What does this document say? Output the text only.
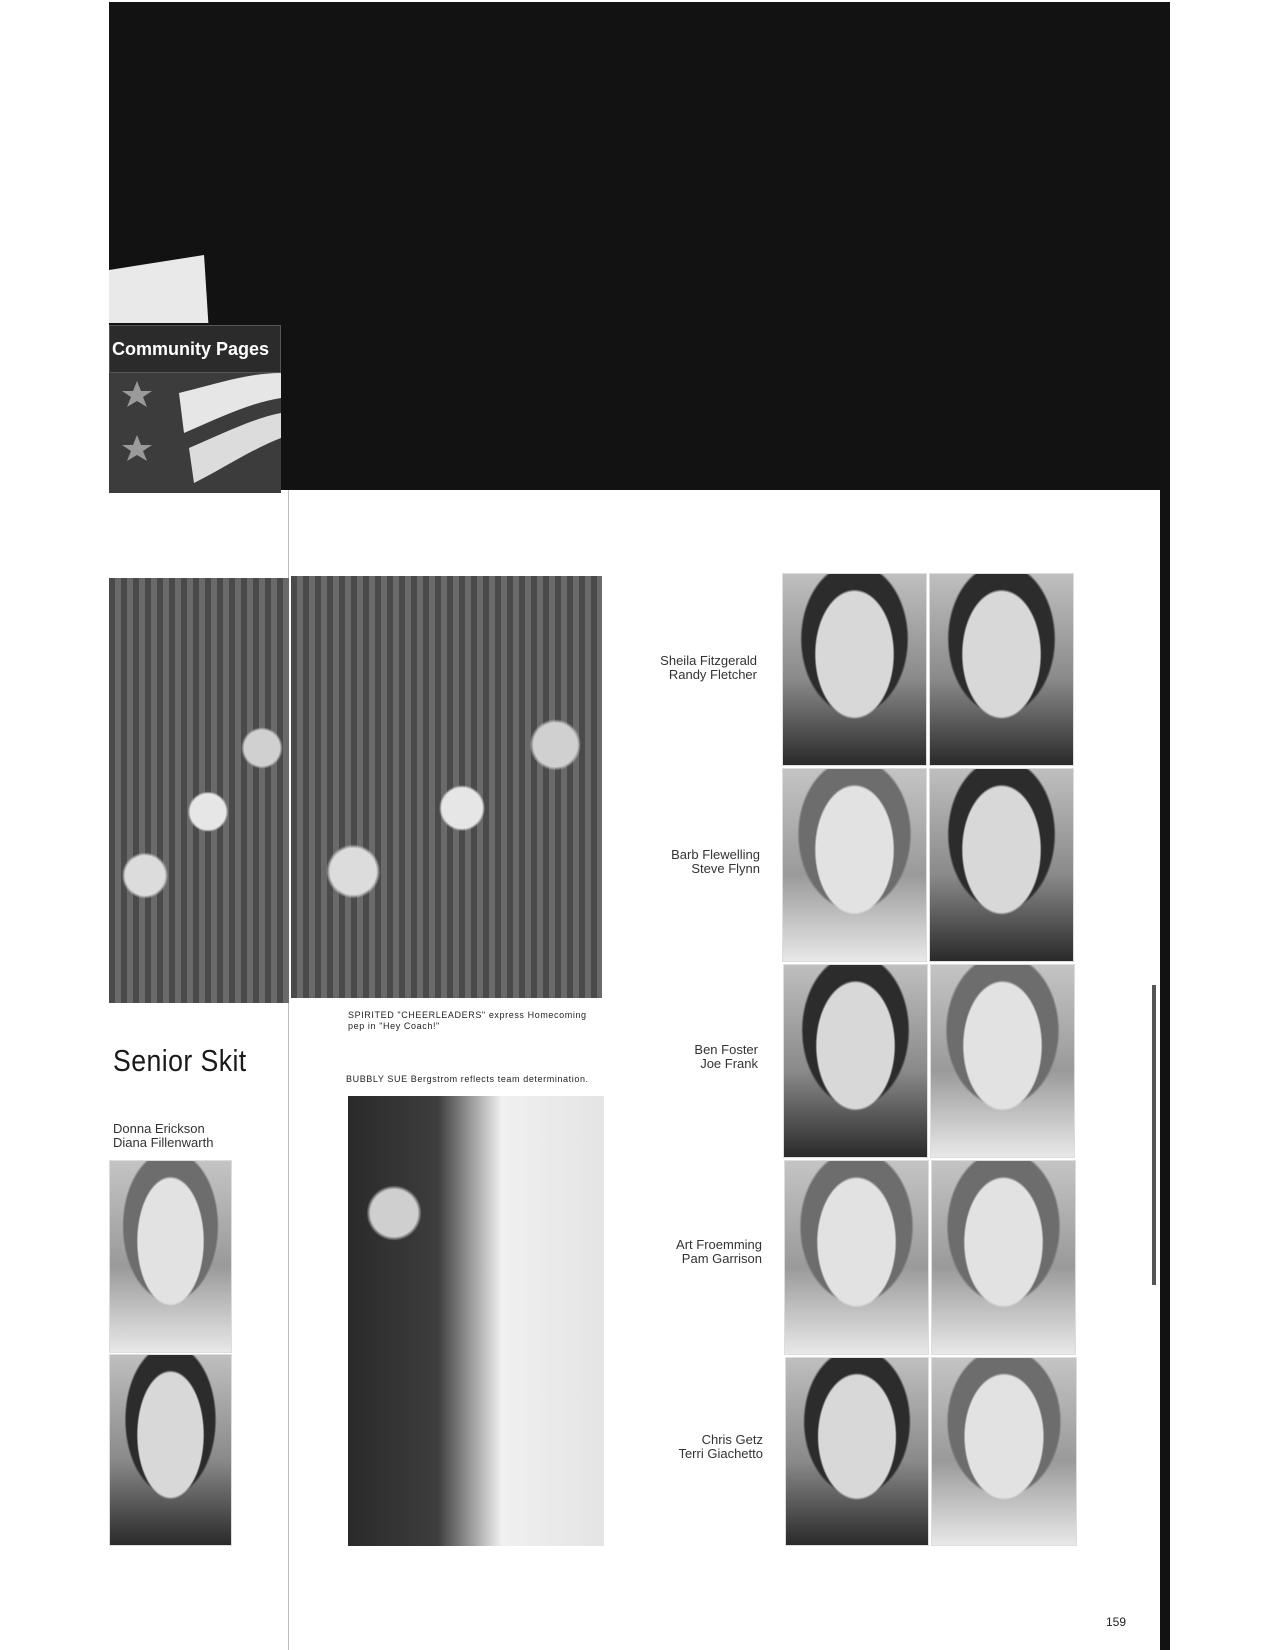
Community Pages
SPIRITED "CHEERLEADERS" express Homecoming pep in "Hey Coach!"
Senior Skit
BUBBLY SUE Bergstrom reflects team determination.
Donna Erickson
Diana Fillenwarth
Sheila Fitzgerald
Randy Fletcher
Barb Flewelling
Steve Flynn
Ben Foster
Joe Frank
Art Froemming
Pam Garrison
Chris Getz
Terri Giachetto
159
